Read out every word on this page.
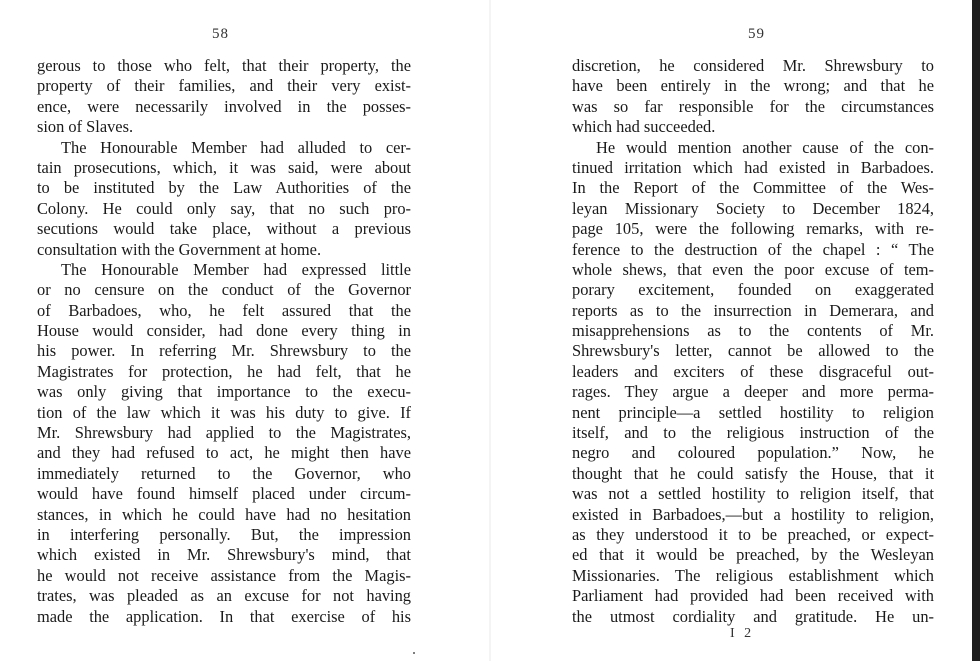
58
gerous to those who felt, that their property, the
property of their families, and their very exist-
ence, were necessarily involved in the posses-
sion of Slaves.
The Honourable Member had alluded to cer-
tain prosecutions, which, it was said, were about
to be instituted by the Law Authorities of the
Colony. He could only say, that no such pro-
secutions would take place, without a previous
consultation with the Government at home.
The Honourable Member had expressed little
or no censure on the conduct of the Governor
of Barbadoes, who, he felt assured that the
House would consider, had done every thing in
his power. In referring Mr. Shrewsbury to the
Magistrates for protection, he had felt, that he
was only giving that importance to the execu-
tion of the law which it was his duty to give. If
Mr. Shrewsbury had applied to the Magistrates,
and they had refused to act, he might then have
immediately returned to the Governor, who
would have found himself placed under circum-
stances, in which he could have had no hesitation
in interfering personally. But, the impression
which existed in Mr. Shrewsbury's mind, that
he would not receive assistance from the Magis-
trates, was pleaded as an excuse for not having
made the application. In that exercise of his
59
discretion, he considered Mr. Shrewsbury to
have been entirely in the wrong; and that he
was so far responsible for the circumstances
which had succeeded.
He would mention another cause of the con-
tinued irritation which had existed in Barbadoes.
In the Report of the Committee of the Wes-
leyan Missionary Society to December 1824,
page 105, were the following remarks, with re-
ference to the destruction of the chapel : “ The
whole shews, that even the poor excuse of tem-
porary excitement, founded on exaggerated
reports as to the insurrection in Demerara, and
misapprehensions as to the contents of Mr.
Shrewsbury's letter, cannot be allowed to the
leaders and exciters of these disgraceful out-
rages. They argue a deeper and more perma-
nent principle—a settled hostility to religion
itself, and to the religious instruction of the
negro and coloured population.” Now, he
thought that he could satisfy the House, that it
was not a settled hostility to religion itself, that
existed in Barbadoes,—but a hostility to religion,
as they understood it to be preached, or expect-
ed that it would be preached, by the Wesleyan
Missionaries. The religious establishment which
Parliament had provided had been received with
the utmost cordiality and gratitude. He un-
I 2
